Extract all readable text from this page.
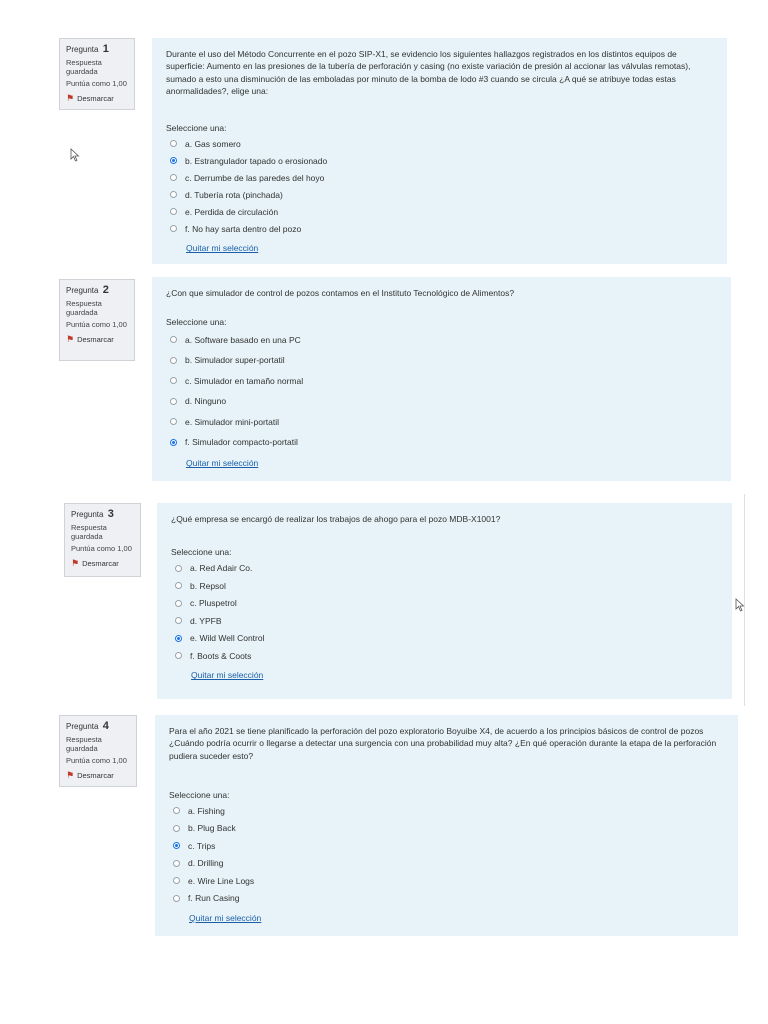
Pregunta 1
Respuesta guardada
Puntúa como 1,00
⚑ Desmarcar
Durante el uso del Método Concurrente en el pozo SIP-X1, se evidencio los siguientes hallazgos registrados en los distintos equipos de superficie: Aumento en las presiones de la tubería de perforación y casing (no existe variación de presión al accionar las válvulas remotas), sumado a esto una disminución de las emboladas por minuto de la bomba de lodo #3 cuando se circula ¿A qué se atribuye todas estas anormalidades?, elige una:
Seleccione una:
a. Gas somero
b. Estrangulador tapado o erosionado
c. Derrumbe de las paredes del hoyo
d. Tubería rota (pinchada)
e. Perdida de circulación
f. No hay sarta dentro del pozo
Quitar mi selección
Pregunta 2
Respuesta guardada
Puntúa como 1,00
⚑ Desmarcar
¿Con que simulador de control de pozos contamos en el Instituto Tecnológico de Alimentos?
Seleccione una:
a. Software basado en una PC
b. Simulador super-portatil
c. Simulador en tamaño normal
d. Ninguno
e. Simulador mini-portatil
f. Simulador compacto-portatil
Quitar mi selección
Pregunta 3
Respuesta guardada
Puntúa como 1,00
⚑ Desmarcar
¿Qué empresa se encargó de realizar los trabajos de ahogo para el pozo MDB-X1001?
Seleccione una:
a. Red Adair Co.
b. Repsol
c. Pluspetrol
d. YPFB
e. Wild Well Control
f. Boots & Coots
Quitar mi selección
Pregunta 4
Respuesta guardada
Puntúa como 1,00
⚑ Desmarcar
Para el año 2021 se tiene planificado la perforación del pozo exploratorio Boyuibe X4, de acuerdo a los principios básicos de control de pozos ¿Cuándo podría ocurrir o llegarse a detectar una surgencia con una probabilidad muy alta? ¿En qué operación durante la etapa de la perforación pudiera suceder esto?
Seleccione una:
a. Fishing
b. Plug Back
c. Trips
d. Drilling
e. Wire Line Logs
f. Run Casing
Quitar mi selección
